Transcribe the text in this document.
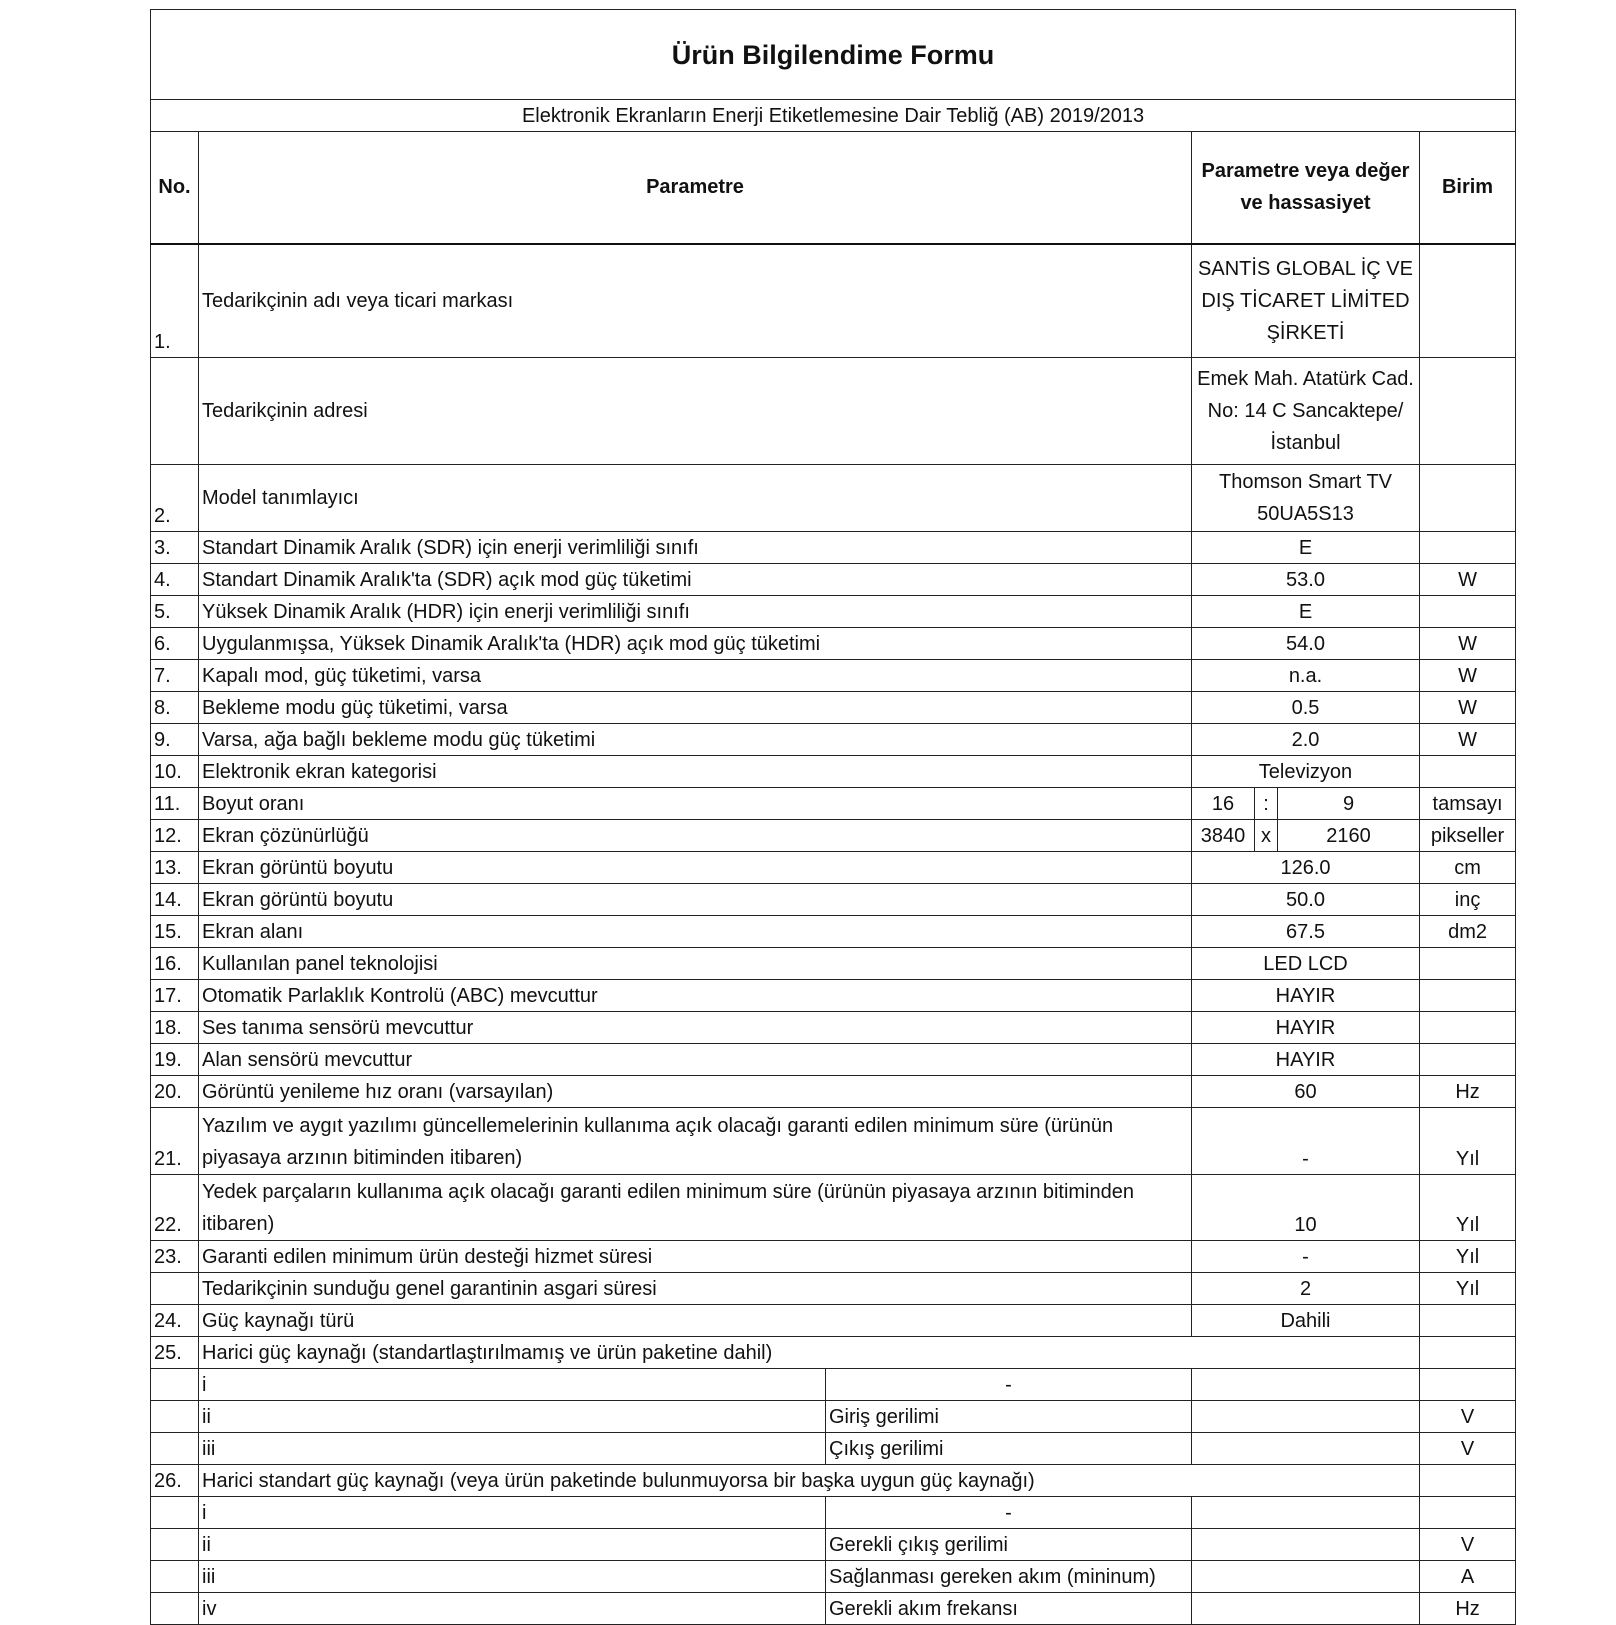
Ürün Bilgilendime Formu						
Elektronik Ekranların Enerji Etiketlemesine Dair Tebliğ (AB) 2019/2013						
No.	Parametre		Parametre veya değer ve hassasiyet			Birim
1.	Tedarikçinin adı veya ticari markası		SANTİS GLOBAL İÇ VE DIŞ TİCARET LİMİTED ŞİRKETİ			
	Tedarikçinin adresi		Emek Mah. Atatürk Cad. No: 14 C Sancaktepe/İstanbul			
2.	Model tanımlayıcı		Thomson Smart TV 50UA5S13			
3.	Standart Dinamik Aralık (SDR) için enerji verimliliği sınıfı		E			
4.	Standart Dinamik Aralık'ta (SDR) açık mod güç tüketimi		53.0			W
5.	Yüksek Dinamik Aralık (HDR) için enerji verimliliği sınıfı		E			
6.	Uygulanmışsa, Yüksek Dinamik Aralık'ta (HDR) açık mod güç tüketimi		54.0			W
7.	Kapalı mod, güç tüketimi, varsa		n.a.			W
8.	Bekleme modu güç tüketimi, varsa		0.5			W
9.	Varsa, ağa bağlı bekleme modu güç tüketimi		2.0			W
10.	Elektronik ekran kategorisi		Televizyon			
11.	Boyut oranı		16	:	9	tamsayı
12.	Ekran çözünürlüğü		3840	x	2160	pikseller
13.	Ekran görüntü boyutu		126.0			cm
14.	Ekran görüntü boyutu		50.0			inç
15.	Ekran alanı		67.5			dm2
16.	Kullanılan panel teknolojisi		LED LCD			
17.	Otomatik Parlaklık Kontrolü (ABC) mevcuttur		HAYIR			
18.	Ses tanıma sensörü mevcuttur		HAYIR			
19.	Alan sensörü mevcuttur		HAYIR			
20.	Görüntü yenileme hız oranı (varsayılan)		60			Hz
21.	Yazılım ve aygıt yazılımı güncellemelerinin kullanıma açık olacağı garanti edilen minimum süre (ürünün piyasaya arzının bitiminden itibaren)		-			Yıl
22.	Yedek parçaların kullanıma açık olacağı garanti edilen minimum süre (ürünün piyasaya arzının bitiminden itibaren)		10			Yıl
23.	Garanti edilen minimum ürün desteği hizmet süresi		-			Yıl
	Tedarikçinin sunduğu genel garantinin asgari süresi		2			Yıl
24.	Güç kaynağı türü		Dahili			
25.	Harici güç kaynağı (standartlaştırılmamış ve ürün paketine dahil)					
	i	-				
	ii	Giriş gerilimi				V
	iii	Çıkış gerilimi				V
26.	Harici standart güç kaynağı (veya ürün paketinde bulunmuyorsa bir başka uygun güç kaynağı)					
	i	-				
	ii	Gerekli çıkış gerilimi				V
	iii	Sağlanması gereken akım (mininum)				A
	iv	Gerekli akım frekansı				Hz
